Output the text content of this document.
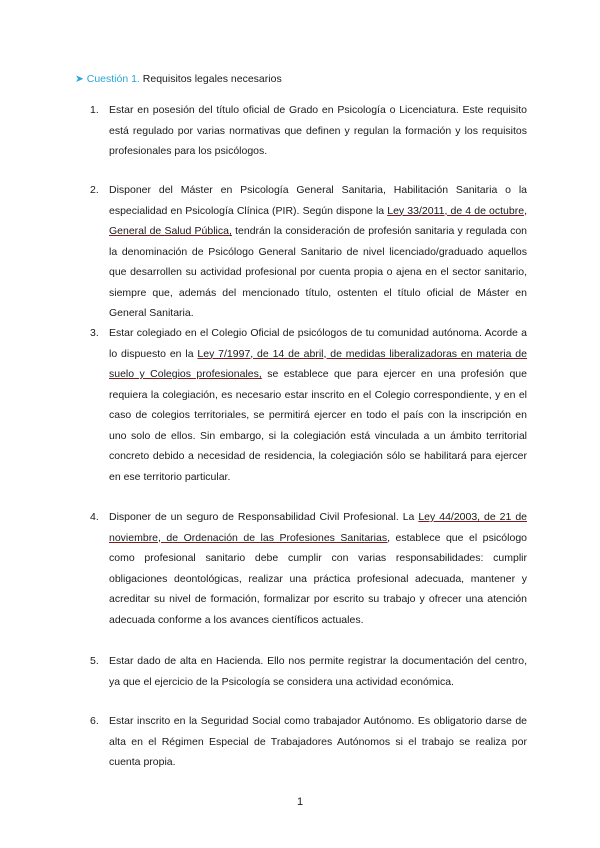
➤ Cuestión 1. Requisitos legales necesarios
1. Estar en posesión del título oficial de Grado en Psicología o Licenciatura. Este requisito está regulado por varias normativas que definen y regulan la formación y los requisitos profesionales para los psicólogos.
2. Disponer del Máster en Psicología General Sanitaria, Habilitación Sanitaria o la especialidad en Psicología Clínica (PIR). Según dispone la Ley 33/2011, de 4 de octubre, General de Salud Pública, tendrán la consideración de profesión sanitaria y regulada con la denominación de Psicólogo General Sanitario de nivel licenciado/graduado aquellos que desarrollen su actividad profesional por cuenta propia o ajena en el sector sanitario, siempre que, además del mencionado título, ostenten el título oficial de Máster en General Sanitaria.
3. Estar colegiado en el Colegio Oficial de psicólogos de tu comunidad autónoma. Acorde a lo dispuesto en la Ley 7/1997, de 14 de abril, de medidas liberalizadoras en materia de suelo y Colegios profesionales, se establece que para ejercer en una profesión que requiera la colegiación, es necesario estar inscrito en el Colegio correspondiente, y en el caso de colegios territoriales, se permitirá ejercer en todo el país con la inscripción en uno solo de ellos. Sin embargo, si la colegiación está vinculada a un ámbito territorial concreto debido a necesidad de residencia, la colegiación sólo se habilitará para ejercer en ese territorio particular.
4. Disponer de un seguro de Responsabilidad Civil Profesional. La Ley 44/2003, de 21 de noviembre, de Ordenación de las Profesiones Sanitarias, establece que el psicólogo como profesional sanitario debe cumplir con varias responsabilidades: cumplir obligaciones deontológicas, realizar una práctica profesional adecuada, mantener y acreditar su nivel de formación, formalizar por escrito su trabajo y ofrecer una atención adecuada conforme a los avances científicos actuales.
5. Estar dado de alta en Hacienda. Ello nos permite registrar la documentación del centro, ya que el ejercicio de la Psicología se considera una actividad económica.
6. Estar inscrito en la Seguridad Social como trabajador Autónomo. Es obligatorio darse de alta en el Régimen Especial de Trabajadores Autónomos si el trabajo se realiza por cuenta propia.
1
